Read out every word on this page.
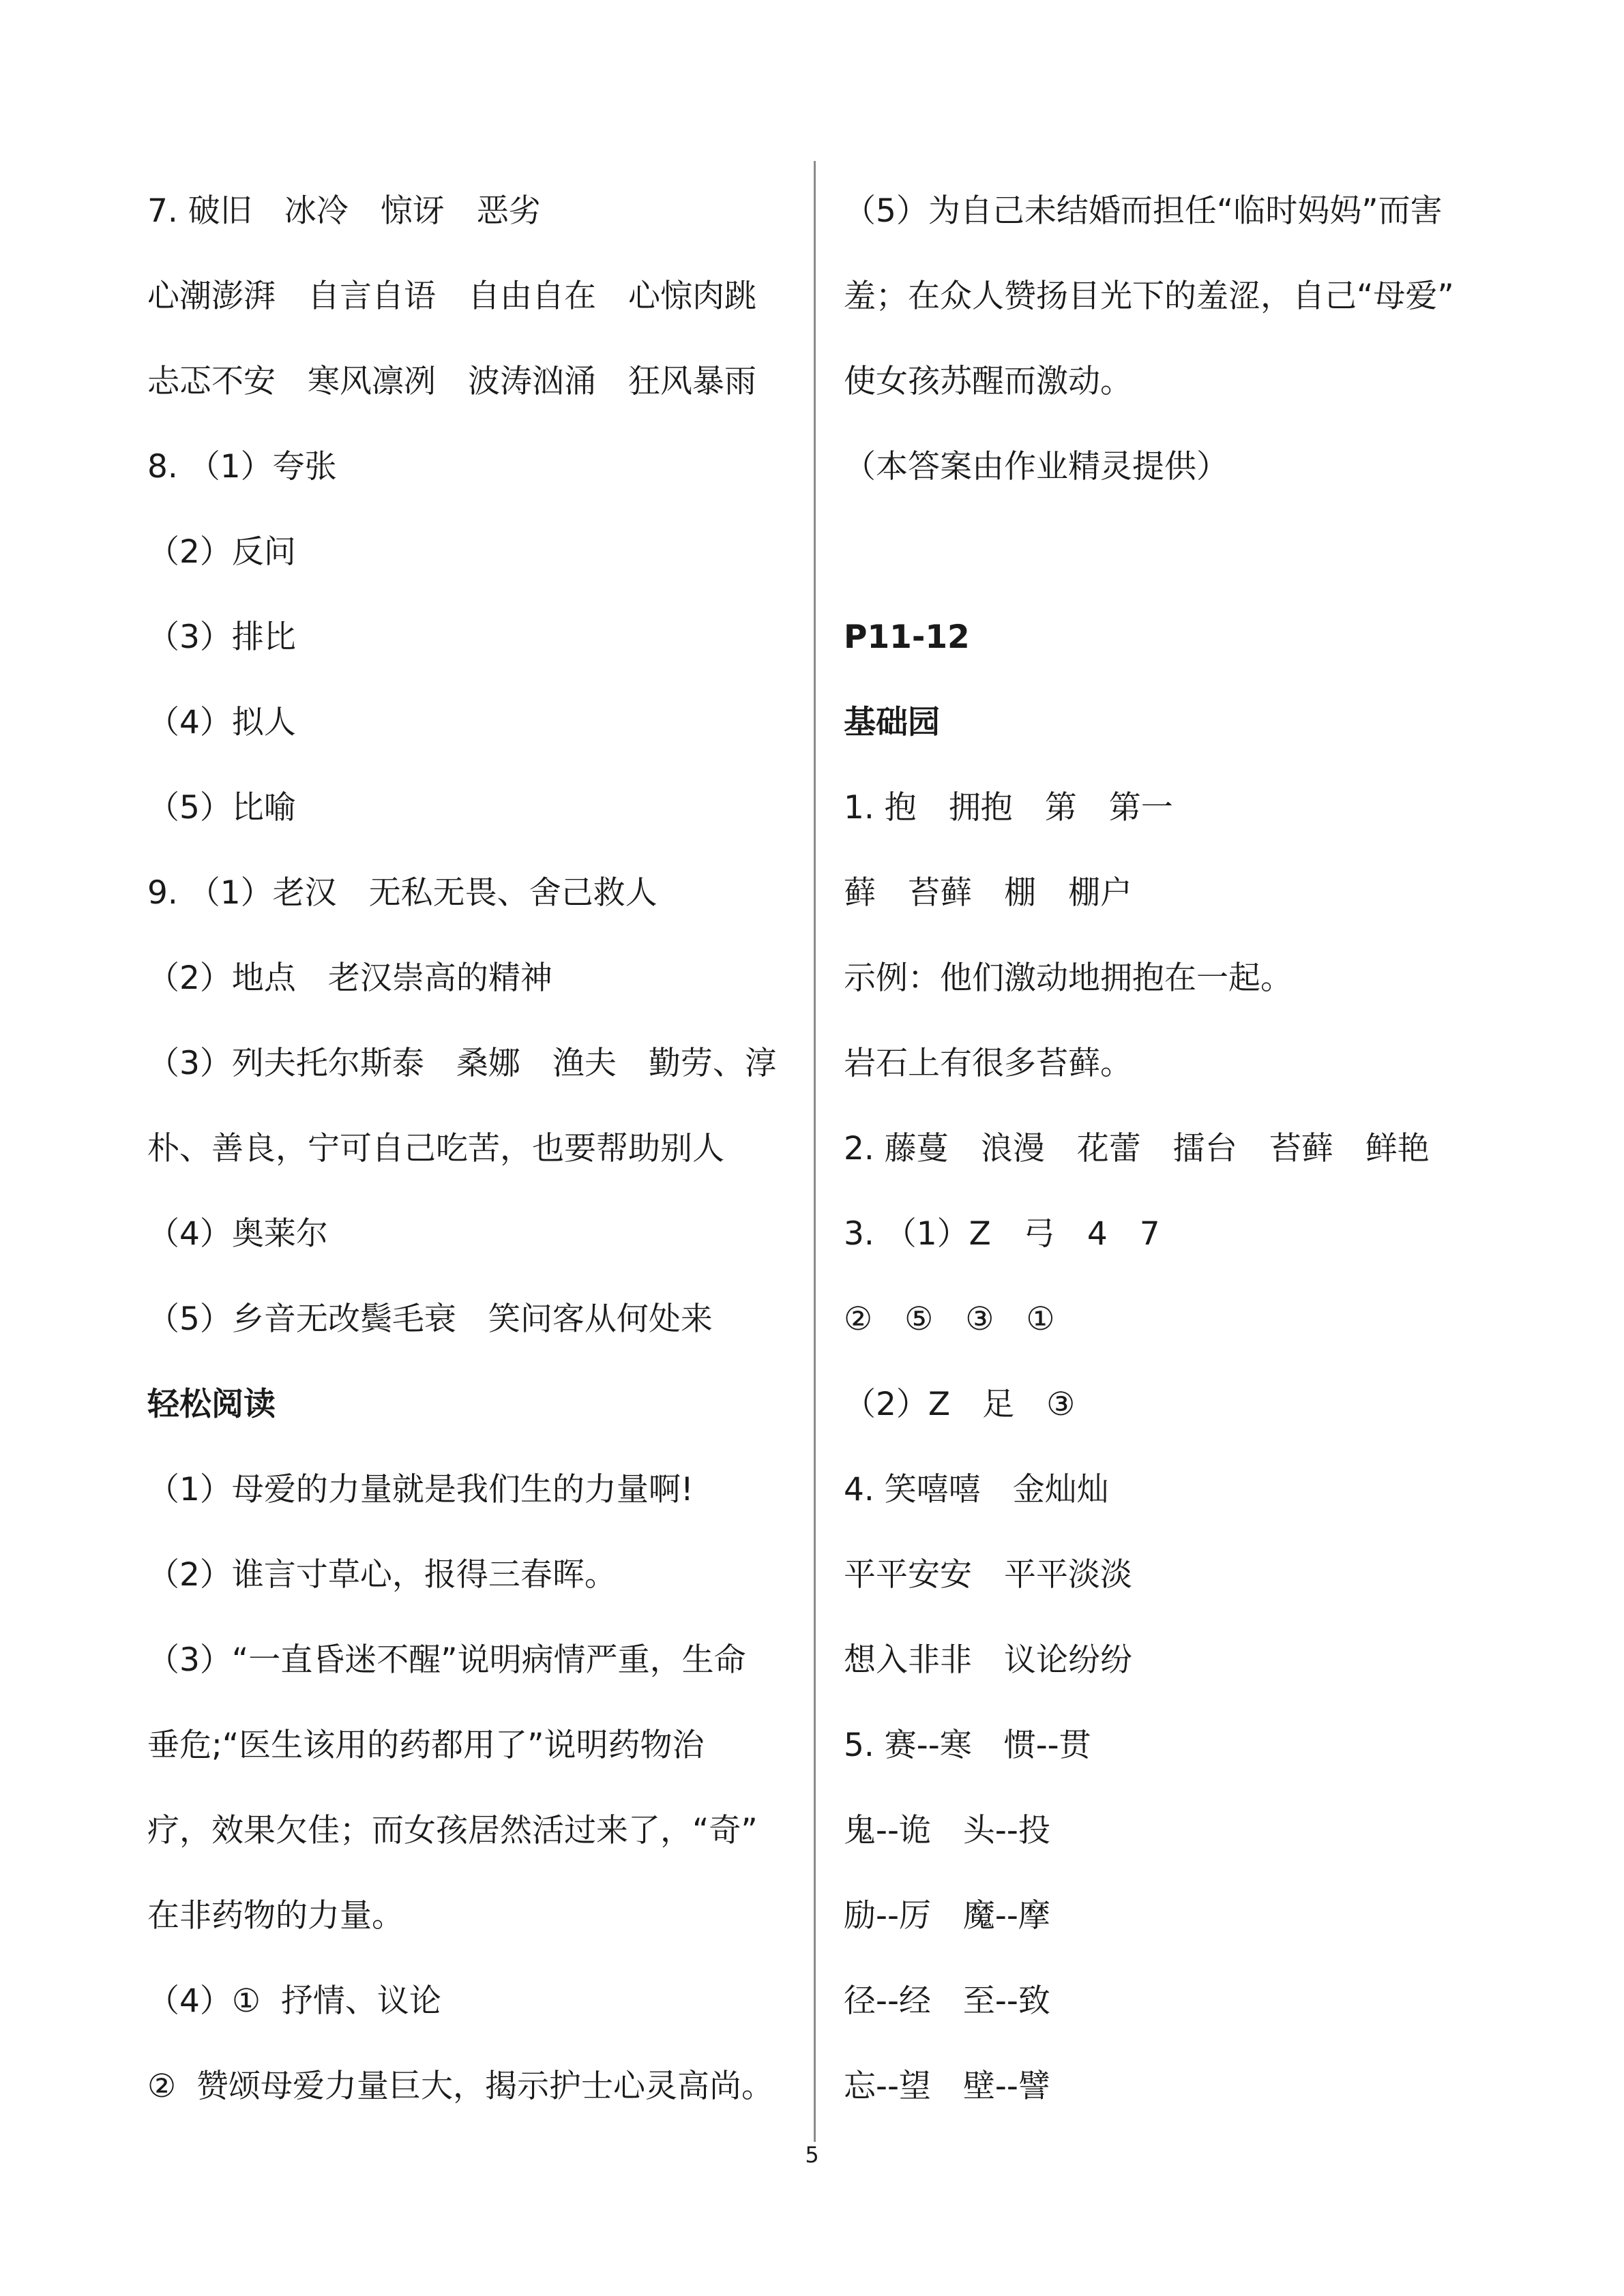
7. 破旧　冰冷　惊讶　恶劣
心潮澎湃　自言自语　自由自在　心惊肉跳
忐忑不安　寒风凛冽　波涛汹涌　狂风暴雨
8. （1）夸张
（2）反问
（3）排比
（4）拟人
（5）比喻
9. （1）老汉　无私无畏、舍己救人
（2）地点　老汉崇高的精神
（3）列夫托尔斯泰　桑娜　渔夫　勤劳、淳
朴、善良，宁可自己吃苦，也要帮助别人
（4）奥莱尔
（5）乡音无改鬓毛衰　笑问客从何处来
轻松阅读
（1）母爱的力量就是我们生的力量啊!
（2）谁言寸草心，报得三春晖。
（3）“一直昏迷不醒”说明病情严重，生命
垂危;“医生该用的药都用了”说明药物治
疗，效果欠佳；而女孩居然活过来了，“奇”
在非药物的力量。
（4）①  抒情、议论
②  赞颂母爱力量巨大，揭示护士心灵高尚。
（5）为自己未结婚而担任“临时妈妈”而害
羞；在众人赞扬目光下的羞涩，自己“母爱”
使女孩苏醒而激动。
（本答案由作业精灵提供）
P11-12
基础园
1. 抱　拥抱　第　第一
藓　苔藓　棚　棚户
示例：他们激动地拥抱在一起。
岩石上有很多苔藓。
2. 藤蔓　浪漫　花蕾　擂台　苔藓　鲜艳
3. （1）Z　弓　4　7
②　⑤　③　①
（2）Z　足　③
4. 笑嘻嘻　金灿灿
平平安安　平平淡淡
想入非非　议论纷纷
5. 赛--寒　惯--贯
鬼--诡　头--投
励--厉　魔--摩
径--经　至--致
忘--望　壁--譬
5
